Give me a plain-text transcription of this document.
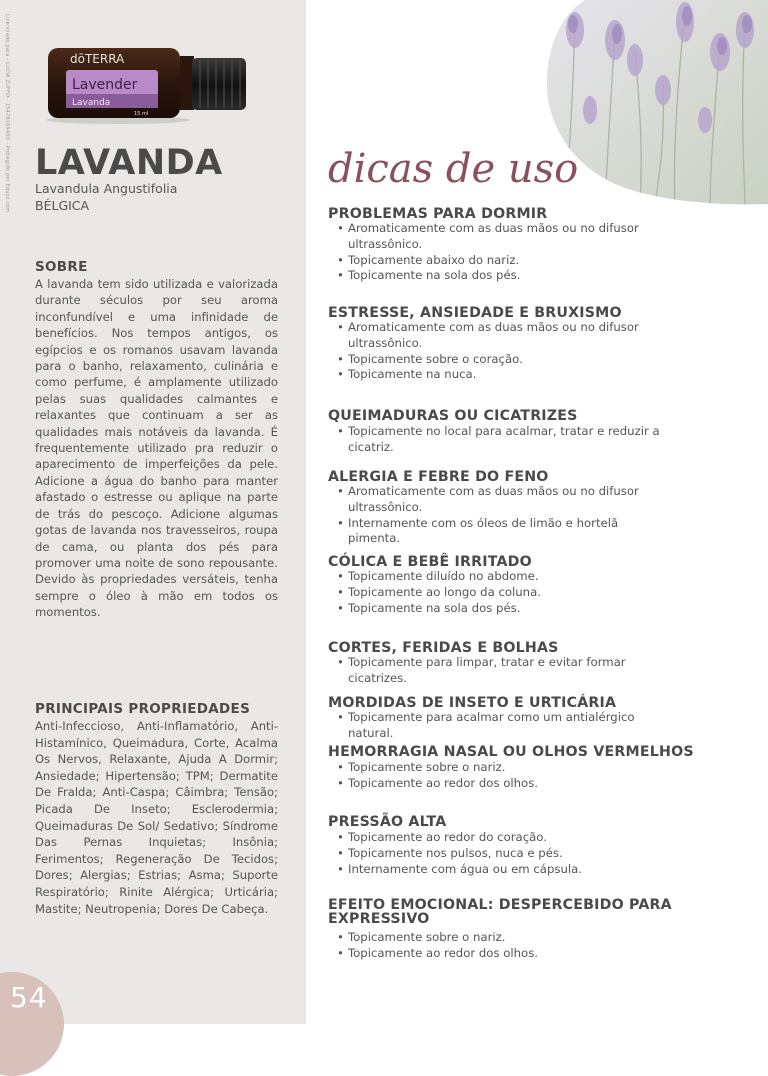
Licenciado para - LUCIA ZUFFO - 15428169400 - Protegido por Eduzz.com	dōTERRA
Lavender
Lavanda
15 ml
LAVANDA

Lavandula Angustifolia

BÉLGICA

SOBRE

A lavanda tem sido utilizada e valorizada durante séculos por seu aroma inconfundível e uma infinidade de benefícios. Nos tempos antigos, os egípcios e os romanos usavam lavanda para o banho, relaxamento, culinária e como perfume, é amplamente utilizado pelas suas qualidades calmantes e relaxantes que continuam a ser as qualidades mais notáveis da lavanda. É frequentemente utilizado pra reduzir o aparecimento de imperfeições da pele. Adicione a água do banho para manter afastado o estresse ou aplique na parte de trás do pescoço. Adicione algumas gotas de lavanda nos travesseiros, roupa de cama, ou planta dos pés para promover uma noite de sono repousante. Devido às propriedades versáteis, tenha sempre o óleo à mão em todos os momentos.

PRINCIPAIS PROPRIEDADES

Anti-Infeccioso, Anti-Inflamatório, Anti-Histamínico, Queimadura, Corte, Acalma Os Nervos, Relaxante, Ajuda A Dormir; Ansiedade; Hipertensão; TPM; Dermatite De Fralda; Anti-Caspa; Câimbra; Tensão; Picada De Inseto; Esclerodermia; Queimaduras De Sol/ Sedativo; Síndrome Das Pernas Inquietas; Insônia; Ferimentos; Regeneração De Tecidos; Dores; Alergias; Estrias; Asma; Suporte Respiratório; Rinite Alérgica; Urticária; Mastite; Neutropenia; Dores De Cabeça.

54
dicas de uso
PROBLEMAS PARA DORMIR
• Aromaticamente com as duas mãos ou no difusor ultrassônico.
• Topicamente abaixo do nariz.
• Topicamente na sola dos pés.
ESTRESSE, ANSIEDADE E BRUXISMO
• Aromaticamente com as duas mãos ou no difusor ultrassônico.
• Topicamente sobre o coração.
• Topicamente na nuca.
QUEIMADURAS OU CICATRIZES
• Topicamente no local para acalmar, tratar e reduzir a cicatriz.
ALERGIA E FEBRE DO FENO
• Aromaticamente com as duas mãos ou no difusor ultrassônico.
• Internamente com os óleos de limão e hortelã pimenta.
CÓLICA E BEBÊ IRRITADO
• Topicamente diluído no abdome.
• Topicamente ao longo da coluna.
• Topicamente na sola dos pés.
CORTES, FERIDAS E BOLHAS
• Topicamente para limpar, tratar e evitar formar cicatrizes.
MORDIDAS DE INSETO E URTICÁRIA
• Topicamente para acalmar como um antialérgico natural.
HEMORRAGIA NASAL OU OLHOS VERMELHOS
• Topicamente sobre o nariz.
• Topicamente ao redor dos olhos.
PRESSÃO ALTA
• Topicamente ao redor do coração.
• Topicamente nos pulsos, nuca e pés.
• Internamente com água ou em cápsula.
EFEITO EMOCIONAL: DESPERCEBIDO PARA EXPRESSIVO
• Topicamente sobre o nariz.
• Topicamente ao redor dos olhos.
